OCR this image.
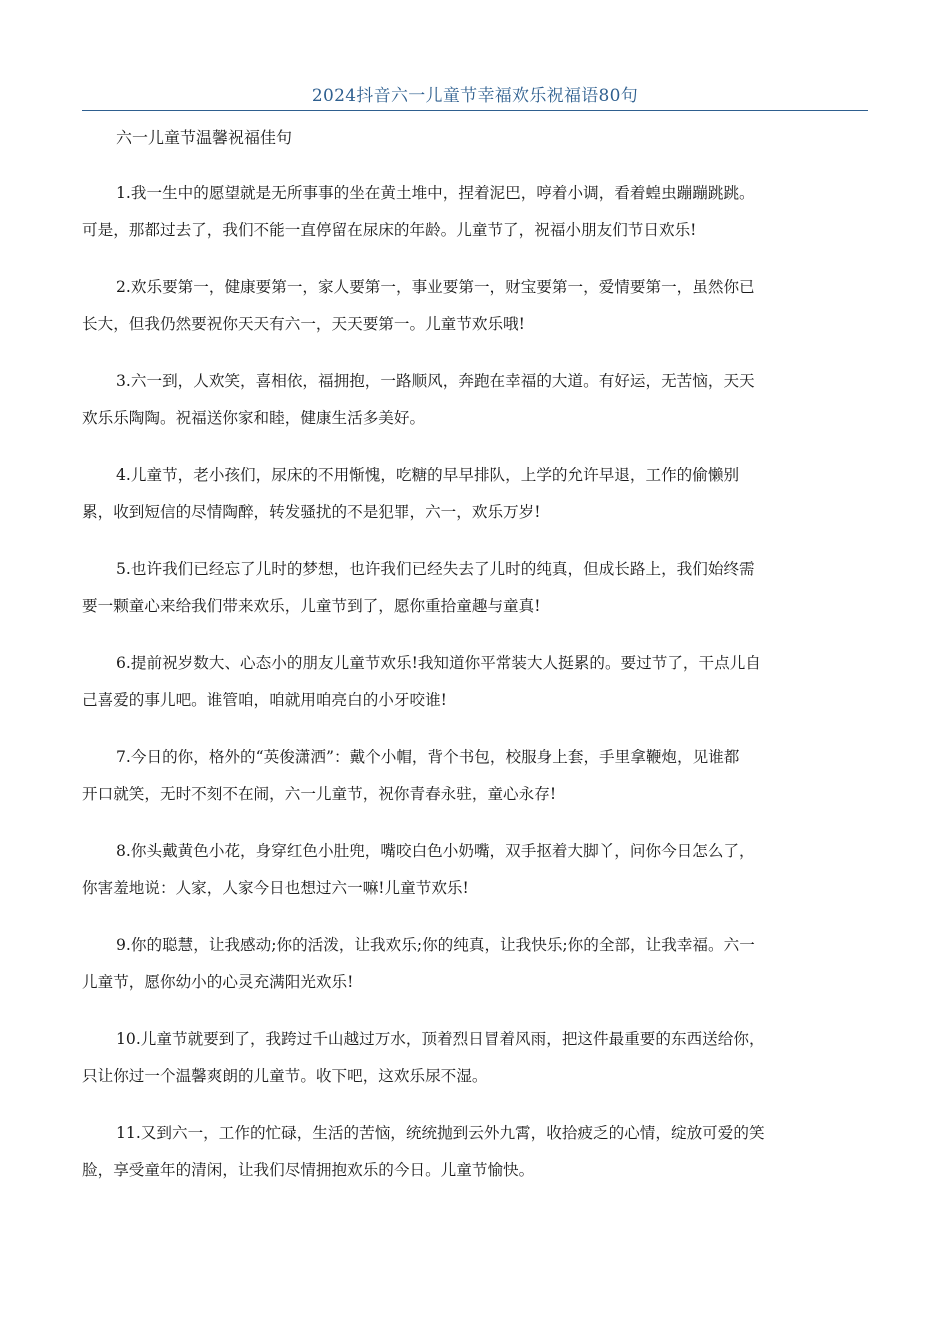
2024抖音六一儿童节幸福欢乐祝福语80句

六一儿童节温馨祝福佳句

1.我一生中的愿望就是无所事事的坐在黄土堆中，捏着泥巴，哼着小调，看着蝗虫蹦蹦跳跳。
可是，那都过去了，我们不能一直停留在尿床的年龄。儿童节了，祝福小朋友们节日欢乐!
2.欢乐要第一，健康要第一，家人要第一，事业要第一，财宝要第一，爱情要第一，虽然你已
长大，但我仍然要祝你天天有六一，天天要第一。儿童节欢乐哦!
3.六一到，人欢笑，喜相依，福拥抱，一路顺风，奔跑在幸福的大道。有好运，无苦恼，天天
欢乐乐陶陶。祝福送你家和睦，健康生活多美好。
4.儿童节，老小孩们，尿床的不用惭愧，吃糖的早早排队，上学的允许早退，工作的偷懒别
累，收到短信的尽情陶醉，转发骚扰的不是犯罪，六一，欢乐万岁!
5.也许我们已经忘了儿时的梦想，也许我们已经失去了儿时的纯真，但成长路上，我们始终需
要一颗童心来给我们带来欢乐，儿童节到了，愿你重拾童趣与童真!
6.提前祝岁数大、心态小的朋友儿童节欢乐!我知道你平常装大人挺累的。要过节了，干点儿自
己喜爱的事儿吧。谁管咱，咱就用咱亮白的小牙咬谁!
7.今日的你，格外的“英俊潇洒”：戴个小帽，背个书包，校服身上套，手里拿鞭炮，见谁都
开口就笑，无时不刻不在闹，六一儿童节，祝你青春永驻，童心永存!
8.你头戴黄色小花，身穿红色小肚兜，嘴咬白色小奶嘴，双手抠着大脚丫，问你今日怎么了，
你害羞地说：人家，人家今日也想过六一嘛!儿童节欢乐!
9.你的聪慧，让我感动;你的活泼，让我欢乐;你的纯真，让我快乐;你的全部，让我幸福。六一
儿童节，愿你幼小的心灵充满阳光欢乐!
10.儿童节就要到了，我跨过千山越过万水，顶着烈日冒着风雨，把这件最重要的东西送给你，
只让你过一个温馨爽朗的儿童节。收下吧，这欢乐尿不湿。
11.又到六一，工作的忙碌，生活的苦恼，统统抛到云外九霄，收拾疲乏的心情，绽放可爱的笑
脸，享受童年的清闲，让我们尽情拥抱欢乐的今日。儿童节愉快。
